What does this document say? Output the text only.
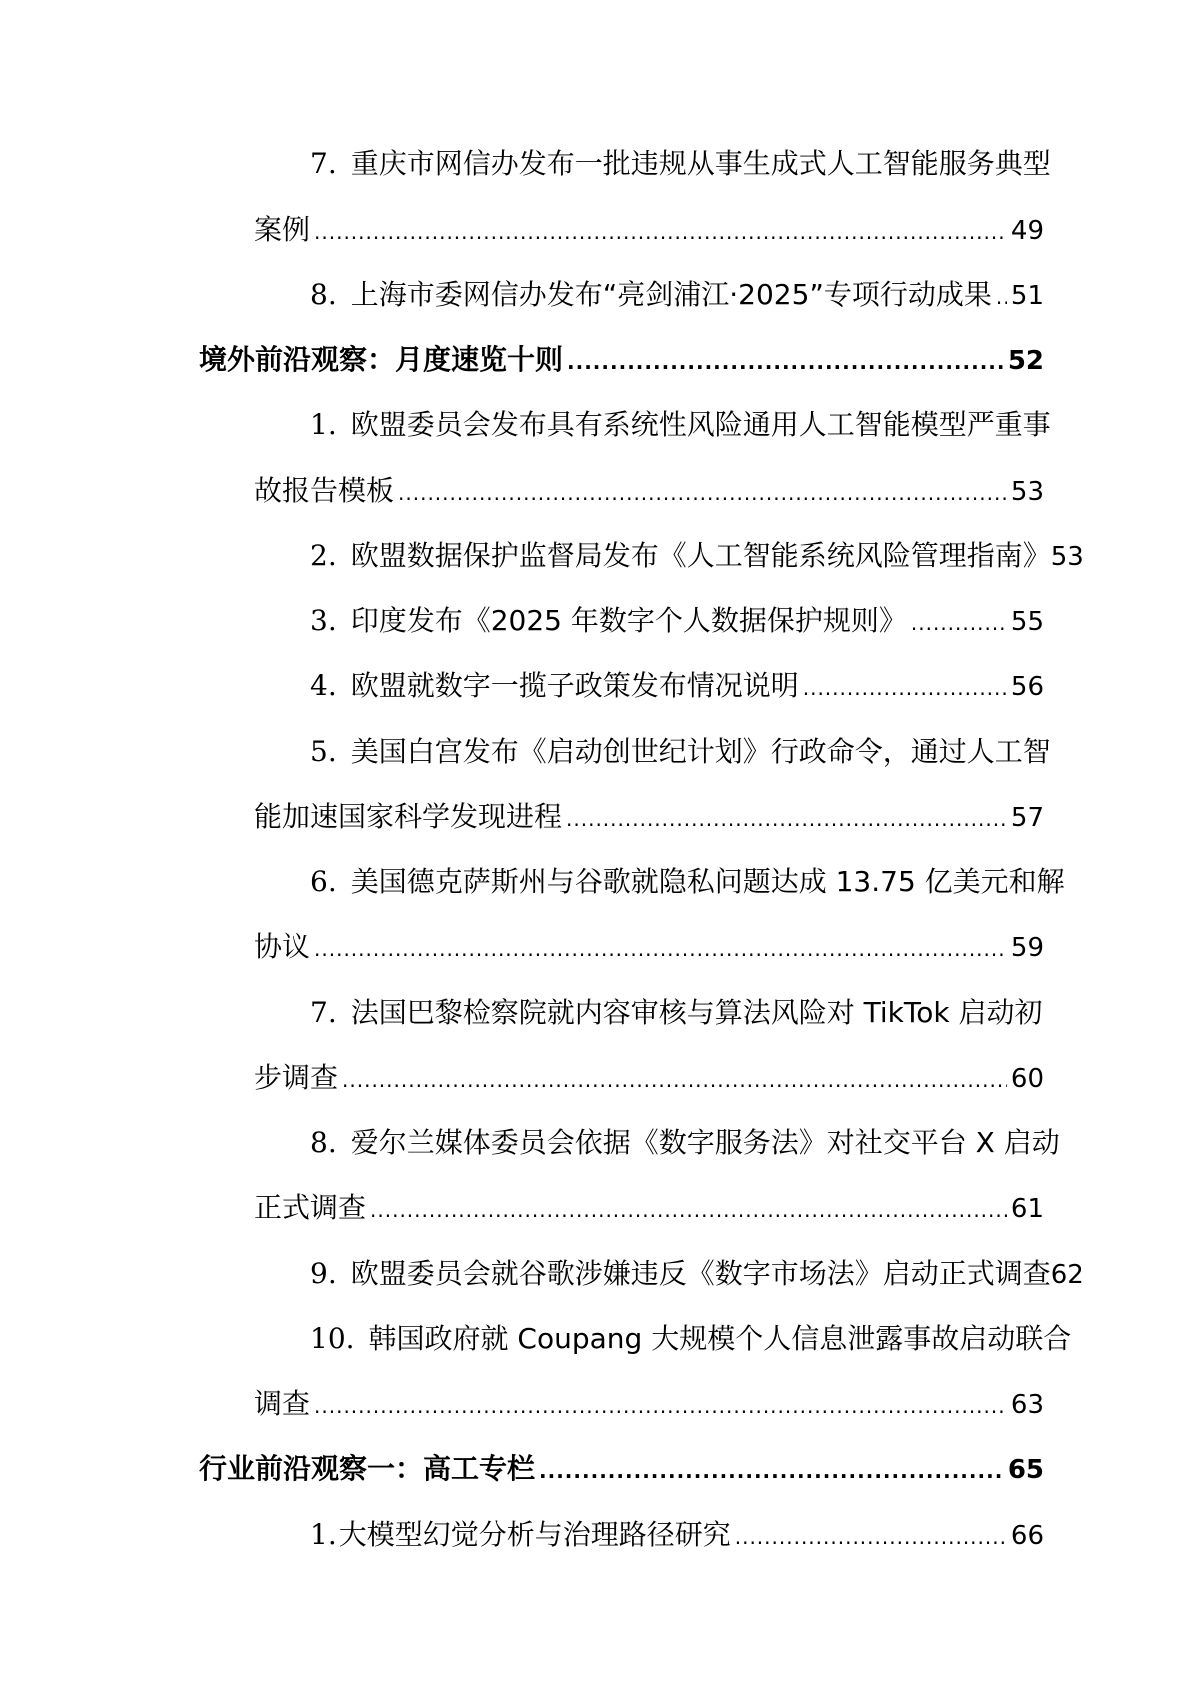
7. 重庆市网信办发布一批违规从事生成式人工智能服务典型
案例 .....	49
8. 上海市委网信办发布“亮剑浦江·2025”专项行动成果 ..... 51
境外前沿观察：月度速览十则 .....	52
1. 欧盟委员会发布具有系统性风险通用人工智能模型严重事
故报告模板 .....	53
2. 欧盟数据保护监督局发布《人工智能系统风险管理指南》 53
3. 印度发布《2025 年数字个人数据保护规则》 .....	55
4. 欧盟就数字一揽子政策发布情况说明 .....	56
5. 美国白宫发布《启动创世纪计划》行政命令，通过人工智
能加速国家科学发现进程 .....	57
6. 美国德克萨斯州与谷歌就隐私问题达成 13.75 亿美元和解
协议 .....	59
7. 法国巴黎检察院就内容审核与算法风险对 TikTok 启动初
步调查 .....	60
8. 爱尔兰媒体委员会依据《数字服务法》对社交平台 X 启动
正式调查 .....	61
9. 欧盟委员会就谷歌涉嫌违反《数字市场法》启动正式调查 62
10. 韩国政府就 Coupang 大规模个人信息泄露事故启动联合
调查 .....	63
行业前沿观察一：高工专栏 .....	65
1. 大模型幻觉分析与治理路径研究 .....	66
